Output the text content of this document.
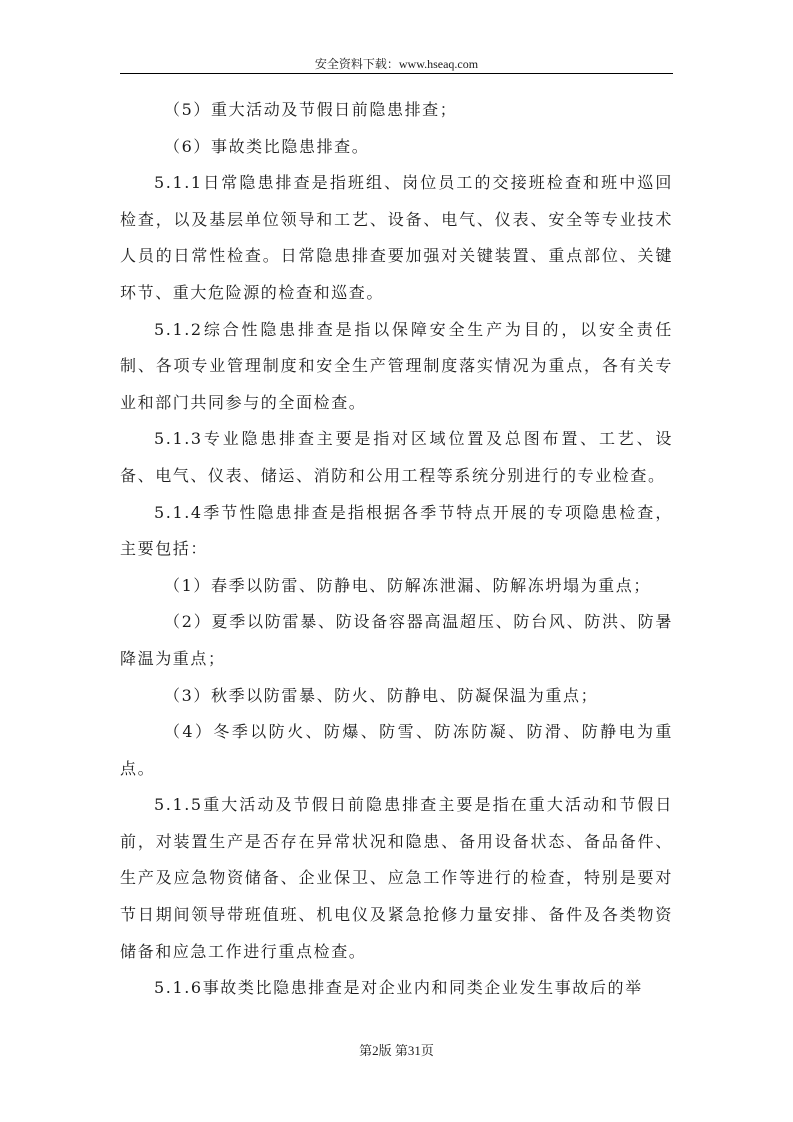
安全资料下载：www.hseaq.com

（5）重大活动及节假日前隐患排查；

（6）事故类比隐患排查。

5.1.1日常隐患排查是指班组、岗位员工的交接班检查和班中巡回检查，以及基层单位领导和工艺、设备、电气、仪表、安全等专业技术人员的日常性检查。日常隐患排查要加强对关键装置、重点部位、关键环节、重大危险源的检查和巡查。

5.1.2综合性隐患排查是指以保障安全生产为目的，以安全责任制、各项专业管理制度和安全生产管理制度落实情况为重点，各有关专业和部门共同参与的全面检查。

5.1.3专业隐患排查主要是指对区域位置及总图布置、工艺、设备、电气、仪表、储运、消防和公用工程等系统分别进行的专业检查。

5.1.4季节性隐患排查是指根据各季节特点开展的专项隐患检查，主要包括：

（1）春季以防雷、防静电、防解冻泄漏、防解冻坍塌为重点；

（2）夏季以防雷暴、防设备容器高温超压、防台风、防洪、防暑降温为重点；

（3）秋季以防雷暴、防火、防静电、防凝保温为重点；

（4）冬季以防火、防爆、防雪、防冻防凝、防滑、防静电为重点。

5.1.5重大活动及节假日前隐患排查主要是指在重大活动和节假日前，对装置生产是否存在异常状况和隐患、备用设备状态、备品备件、生产及应急物资储备、企业保卫、应急工作等进行的检查，特别是要对节日期间领导带班值班、机电仪及紧急抢修力量安排、备件及各类物资储备和应急工作进行重点检查。

5.1.6事故类比隐患排查是对企业内和同类企业发生事故后的举

第2版 第31页
